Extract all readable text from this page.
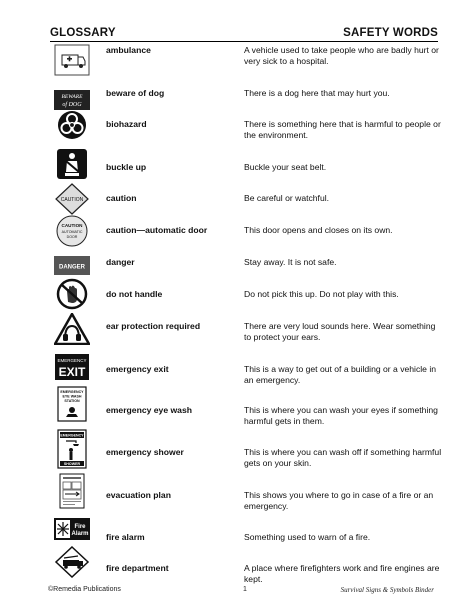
GLOSSARY	SAFETY WORDS
ambulance	A vehicle used to take people who are badly hurt or very sick to a hospital.
BEWARE
of DOG
beware of dog	There is a dog here that may hurt you.
biohazard	There is something here that is harmful to people or the environment.
buckle up	Buckle your seat belt.
CAUTION	caution	Be careful or watchful.
CAUTION
AUTOMATIC
DOOR
caution—automatic door	This door opens and closes on its own.
DANGER
danger	Stay away. It is not safe.
do not handle	Do not pick this up. Do not play with this.
ear protection required	There are very loud sounds here. Wear something to protect your ears.
EMERGENCY
EXIT emergency exit	This is a way to get out of a building or a vehicle in an emergency.
EMERGENCY
EYE WASH
STATION
emergency eye wash	This is where you can wash your eyes if something harmful gets in them.
EMERGENCY
SHOWER
emergency shower	This is where you can wash off if something harmful gets on your skin.
evacuation plan	This shows you where to go in case of a fire or an emergency.
Fire
Alarm fire alarm	Something used to warn of a fire.
fire department	A place where firefighters work and fire engines are kept.
©Remedia Publications	1	Survival Signs & Symbols Binder
